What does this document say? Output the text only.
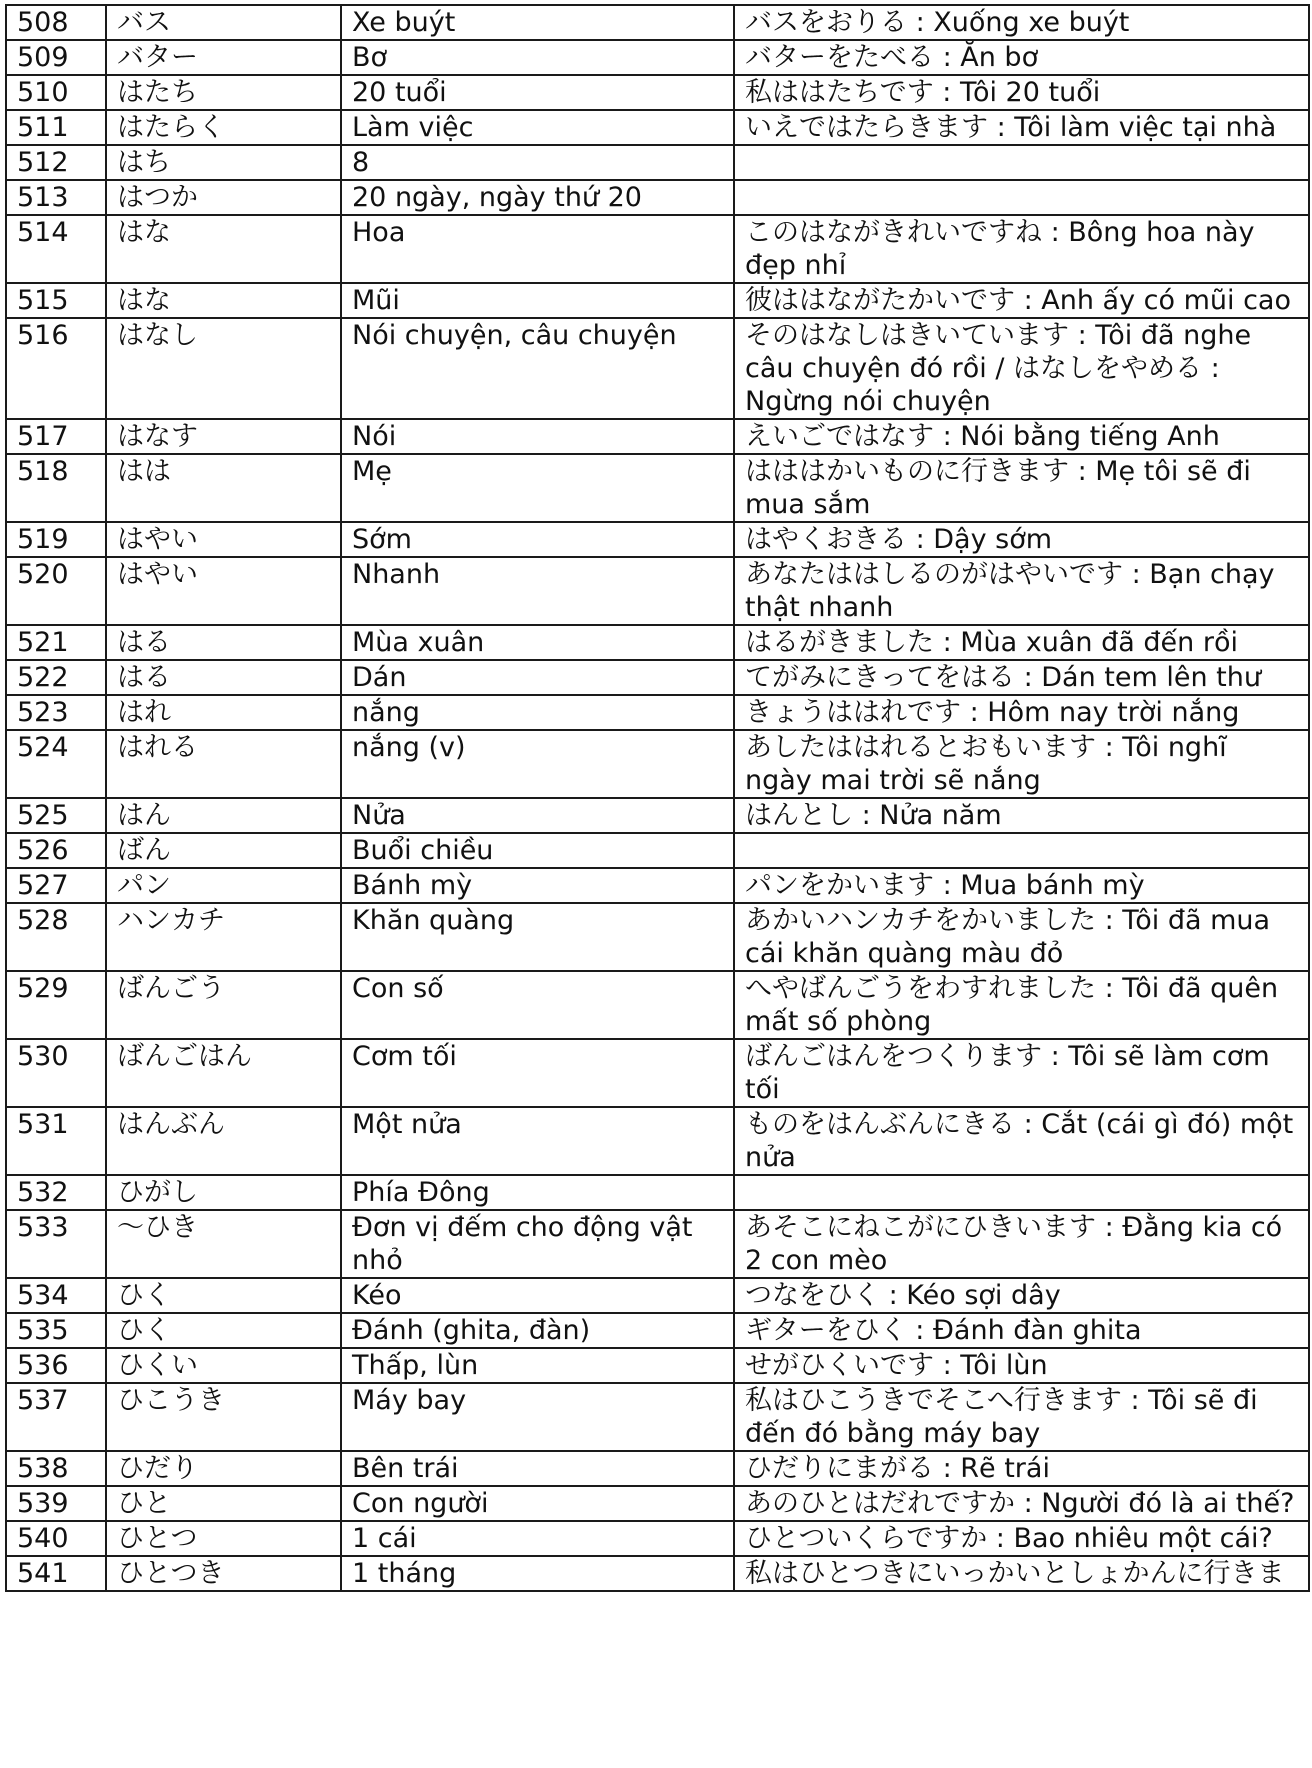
508	バス	Xe buýt	バスをおりる : Xuống xe buýt
509	バター	Bơ	バターをたべる : Ăn bơ
510	はたち	20 tuổi	私ははたちです : Tôi 20 tuổi
511	はたらく	Làm việc	いえではたらきます : Tôi làm việc tại nhà
512	はち	8	
513	はつか	20 ngày, ngày thứ 20	
514	はな	Hoa	このはながきれいですね : Bông hoa này đẹp nhỉ
515	はな	Mũi	彼ははながたかいです : Anh ấy có mũi cao
516	はなし	Nói chuyện, câu chuyện	そのはなしはきいています : Tôi đã nghe câu chuyện đó rồi / はなしをやめる : Ngừng nói chuyện
517	はなす	Nói	えいごではなす : Nói bằng tiếng Anh
518	はは	Mẹ	はははかいものに行きます : Mẹ tôi sẽ đi mua sắm
519	はやい	Sớm	はやくおきる : Dậy sớm
520	はやい	Nhanh	あなたははしるのがはやいです : Bạn chạy thật nhanh
521	はる	Mùa xuân	はるがきました : Mùa xuân đã đến rồi
522	はる	Dán	てがみにきってをはる : Dán tem lên thư
523	はれ	nắng	きょうははれです : Hôm nay trời nắng
524	はれる	nắng (v)	あしたははれるとおもいます : Tôi nghĩ ngày mai trời sẽ nắng
525	はん	Nửa	はんとし : Nửa năm
526	ばん	Buổi chiều	
527	パン	Bánh mỳ	パンをかいます : Mua bánh mỳ
528	ハンカチ	Khăn quàng	あかいハンカチをかいました : Tôi đã mua cái khăn quàng màu đỏ
529	ばんごう	Con số	へやばんごうをわすれました : Tôi đã quên mất số phòng
530	ばんごはん	Cơm tối	ばんごはんをつくります : Tôi sẽ làm cơm tối
531	はんぶん	Một nửa	ものをはんぶんにきる : Cắt (cái gì đó) một nửa
532	ひがし	Phía Đông	
533	～ひき	Đơn vị đếm cho động vật nhỏ	あそこにねこがにひきいます : Đằng kia có 2 con mèo
534	ひく	Kéo	つなをひく : Kéo sợi dây
535	ひく	Đánh (ghita, đàn)	ギターをひく : Đánh đàn ghita
536	ひくい	Thấp, lùn	せがひくいです : Tôi lùn
537	ひこうき	Máy bay	私はひこうきでそこへ行きます : Tôi sẽ đi đến đó bằng máy bay
538	ひだり	Bên trái	ひだりにまがる : Rẽ trái
539	ひと	Con người	あのひとはだれですか : Người đó là ai thế?
540	ひとつ	1 cái	ひとついくらですか : Bao nhiêu một cái?
541	ひとつき	1 tháng	私はひとつきにいっかいとしょかんに行きま
